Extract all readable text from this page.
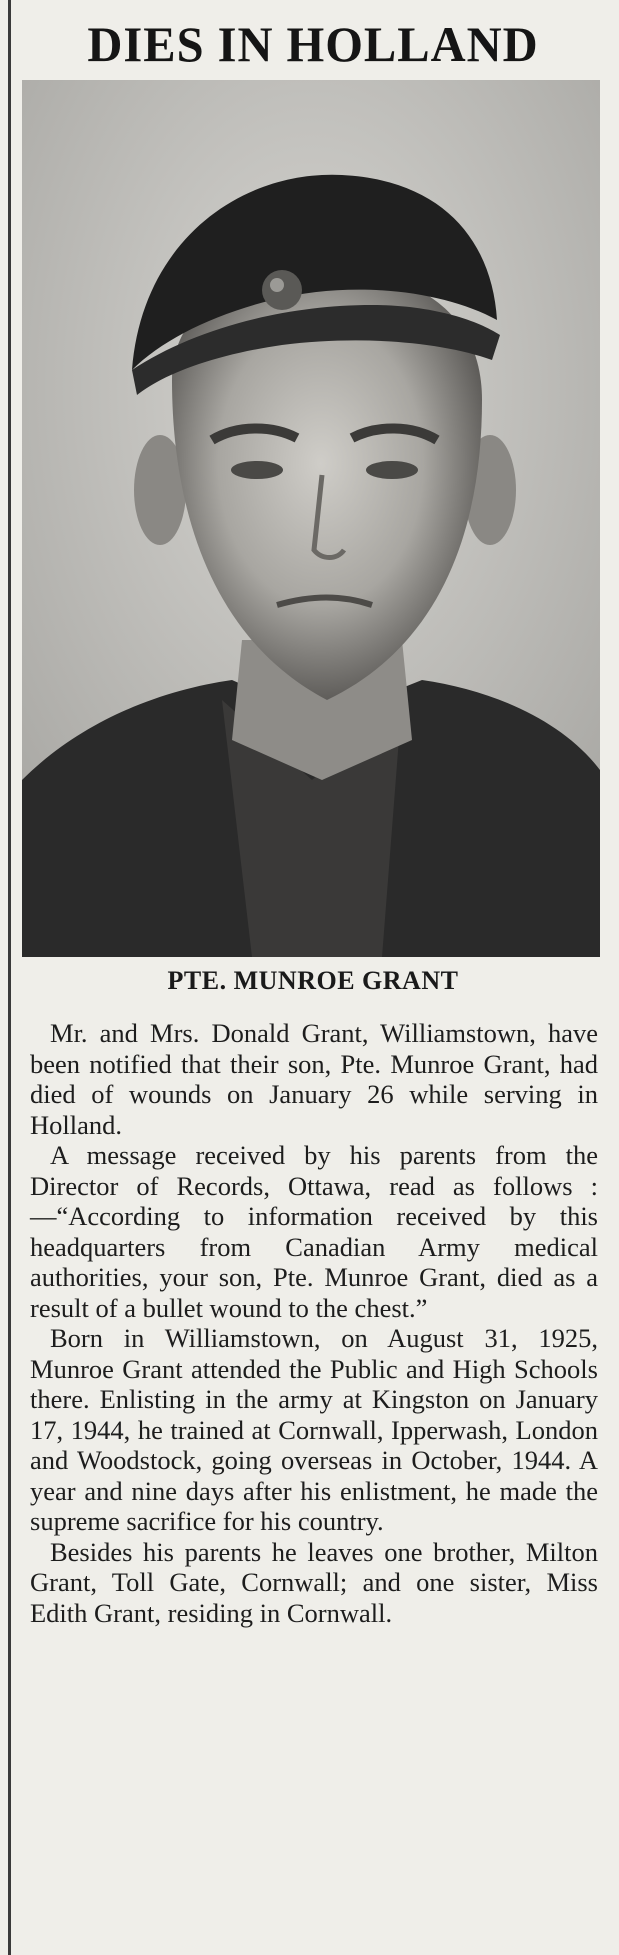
DIES IN HOLLAND
PTE. MUNROE GRANT

Mr. and Mrs. Donald Grant, Williamstown, have been notified that their son, Pte. Munroe Grant, had died of wounds on January 26 while serving in Holland.

A message received by his parents from the Director of Records, Ottawa, read as follows :—“According to information received by this headquarters from Canadian Army medical authorities, your son, Pte. Munroe Grant, died as a result of a bullet wound to the chest.”

Born in Williamstown, on August 31, 1925, Munroe Grant attended the Public and High Schools there. Enlisting in the army at Kingston on January 17, 1944, he trained at Cornwall, Ipperwash, London and Woodstock, going overseas in October, 1944. A year and nine days after his enlistment, he made the supreme sacrifice for his country.

Besides his parents he leaves one brother, Milton Grant, Toll Gate, Cornwall; and one sister, Miss Edith Grant, residing in Cornwall.
